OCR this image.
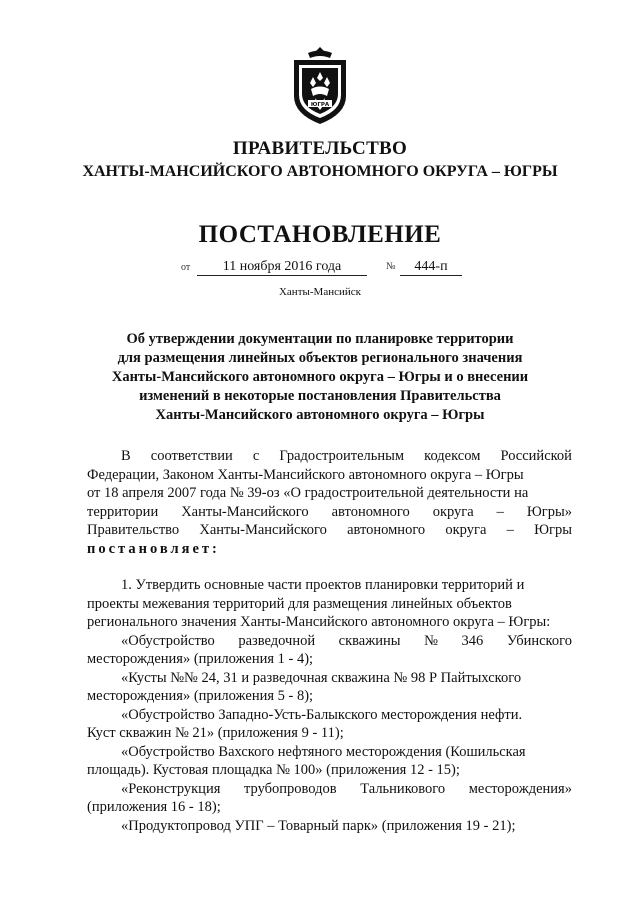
ЮГРА
ПРАВИТЕЛЬСТВО
ХАНТЫ-МАНСИЙСКОГО АВТОНОМНОГО ОКРУГА – ЮГРЫ
ПОСТАНОВЛЕНИЕ
от	11 ноября 2016 года	№	444-п
Ханты-Мансийск
Об утверждении документации по планировке территории
для размещения линейных объектов регионального значения
Ханты-Мансийского автономного округа – Югры и о внесении
изменений в некоторые постановления Правительства
Ханты-Мансийского автономного округа – Югры
В соответствии с Градостроительным кодексом Российской
Федерации, Законом Ханты-Мансийского автономного округа – Югры
от 18 апреля 2007 года № 39-оз «О градостроительной деятельности на
территории Ханты-Мансийского автономного округа – Югры»
Правительство Ханты-Мансийского автономного округа – Югры
постановляет:
1. Утвердить основные части проектов планировки территорий и
проекты межевания территорий для размещения линейных объектов
регионального значения Ханты-Мансийского автономного округа – Югры:
«Обустройство разведочной скважины № 346 Убинского
месторождения» (приложения 1 - 4);
«Кусты №№ 24, 31 и разведочная скважина № 98 Р Пайтыхского
месторождения» (приложения 5 - 8);
«Обустройство Западно-Усть-Балыкского месторождения нефти.
Куст скважин № 21» (приложения 9 - 11);
«Обустройство Вахского нефтяного месторождения (Кошильская
площадь). Кустовая площадка № 100» (приложения 12 - 15);
«Реконструкция трубопроводов Тальникового месторождения»
(приложения 16 - 18);
«Продуктопровод УПГ – Товарный парк» (приложения 19 - 21);
